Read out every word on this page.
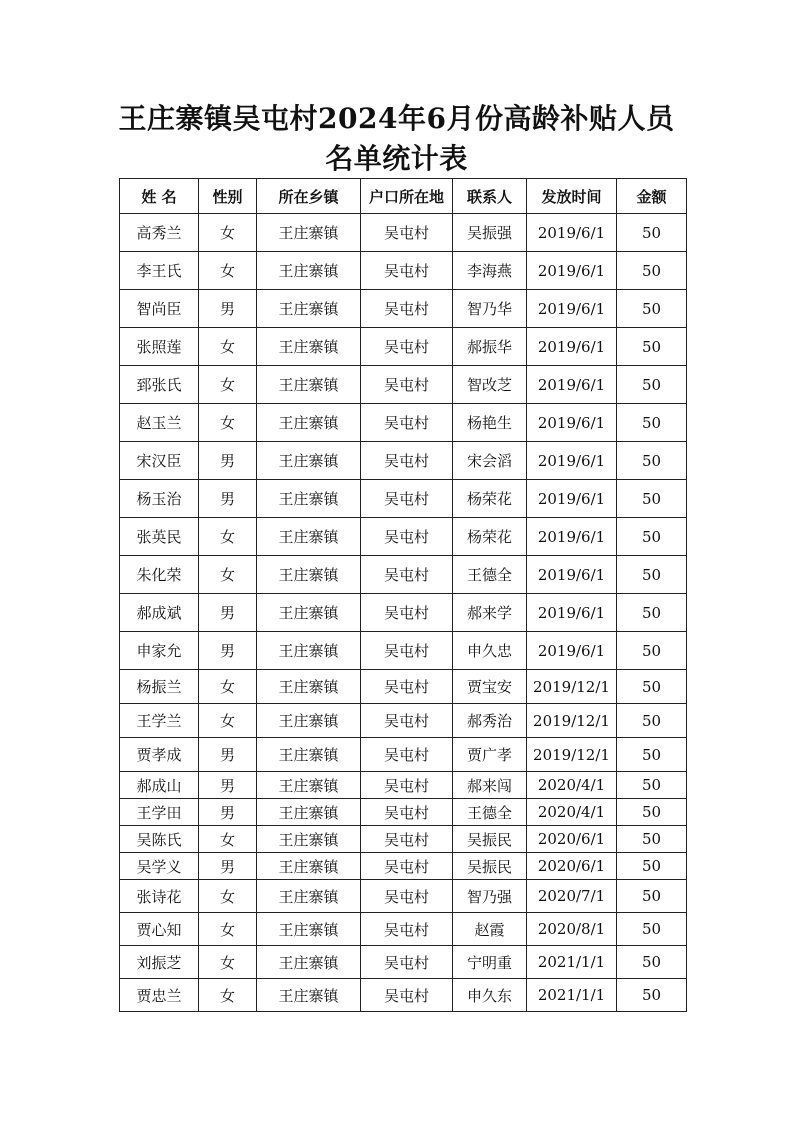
王庄寨镇吴屯村2024年6月份高龄补贴人员
名单统计表
姓 名	性别	所在乡镇	户口所在地	联系人	发放时间	金额
高秀兰	女	王庄寨镇	吴屯村	吴振强	2019/6/1	50
李王氏	女	王庄寨镇	吴屯村	李海燕	2019/6/1	50
智尚臣	男	王庄寨镇	吴屯村	智乃华	2019/6/1	50
张照莲	女	王庄寨镇	吴屯村	郝振华	2019/6/1	50
郅张氏	女	王庄寨镇	吴屯村	智改芝	2019/6/1	50
赵玉兰	女	王庄寨镇	吴屯村	杨艳生	2019/6/1	50
宋汉臣	男	王庄寨镇	吴屯村	宋会滔	2019/6/1	50
杨玉治	男	王庄寨镇	吴屯村	杨荣花	2019/6/1	50
张英民	女	王庄寨镇	吴屯村	杨荣花	2019/6/1	50
朱化荣	女	王庄寨镇	吴屯村	王德全	2019/6/1	50
郝成斌	男	王庄寨镇	吴屯村	郝来学	2019/6/1	50
申家允	男	王庄寨镇	吴屯村	申久忠	2019/6/1	50
杨振兰	女	王庄寨镇	吴屯村	贾宝安	2019/12/1	50
王学兰	女	王庄寨镇	吴屯村	郝秀治	2019/12/1	50
贾孝成	男	王庄寨镇	吴屯村	贾广孝	2019/12/1	50
郝成山	男	王庄寨镇	吴屯村	郝来闯	2020/4/1	50
王学田	男	王庄寨镇	吴屯村	王德全	2020/4/1	50
吴陈氏	女	王庄寨镇	吴屯村	吴振民	2020/6/1	50
吴学义	男	王庄寨镇	吴屯村	吴振民	2020/6/1	50
张诗花	女	王庄寨镇	吴屯村	智乃强	2020/7/1	50
贾心知	女	王庄寨镇	吴屯村	赵霞	2020/8/1	50
刘振芝	女	王庄寨镇	吴屯村	宁明重	2021/1/1	50
贾忠兰	女	王庄寨镇	吴屯村	申久东	2021/1/1	50
